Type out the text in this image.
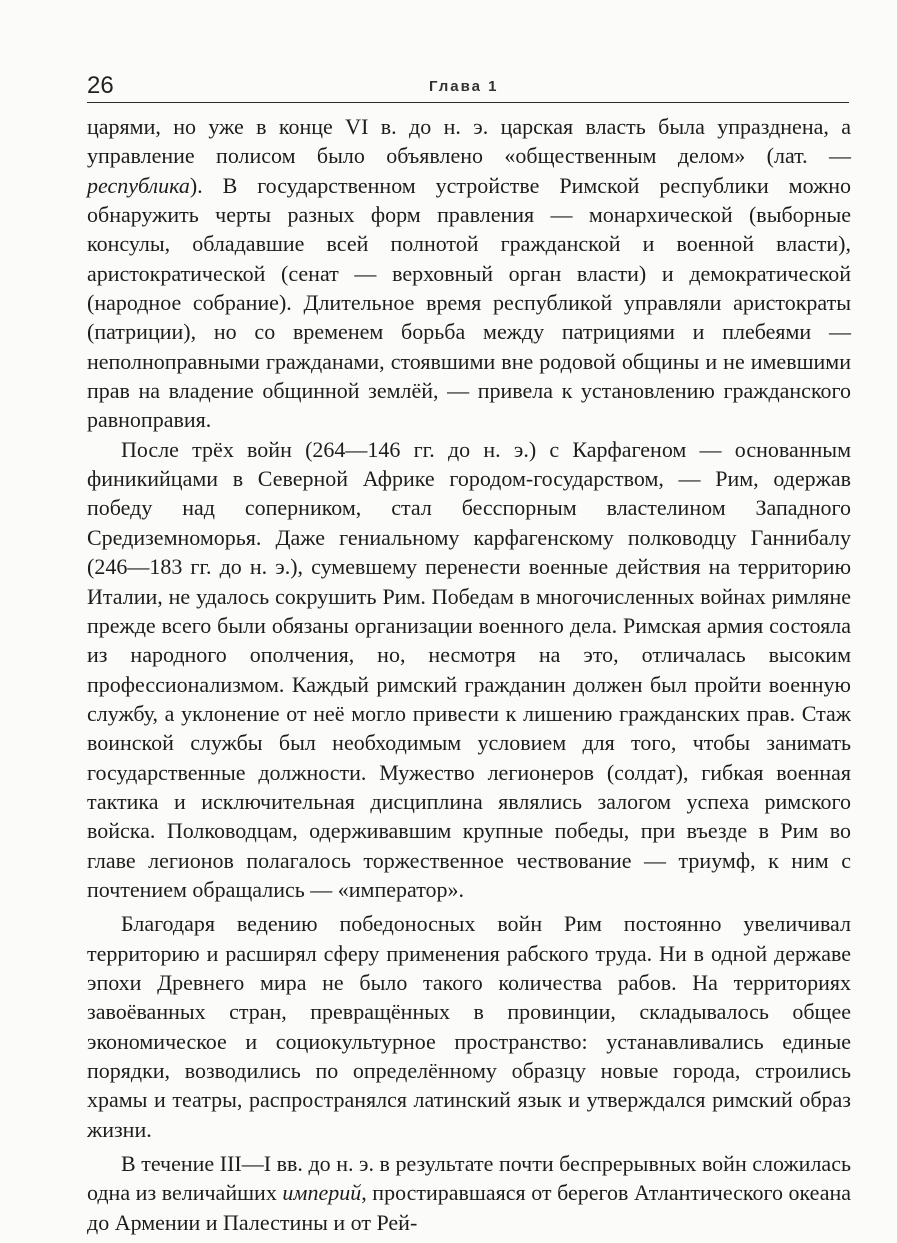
26	Глава 1

царями, но уже в конце VI в. до н. э. царская власть была упразднена, а управление полисом было объявлено «общественным делом» (лат. — республика). В государственном устройстве Римской республики можно обнаружить черты разных форм правления — монархической (выборные консулы, обладавшие всей полнотой гражданской и военной власти), аристократической (сенат — верховный орган власти) и демократической (народное собрание). Длительное время республикой управляли аристократы (патриции), но со временем борьба между патрициями и плебеями — неполноправными гражданами, стоявшими вне родовой общины и не имевшими прав на владение общинной землёй, — привела к установлению гражданского равноправия.

После трёх войн (264—146 гг. до н. э.) с Карфагеном — основанным финикийцами в Северной Африке городом-государством, — Рим, одержав победу над соперником, стал бесспорным властелином Западного Средиземноморья. Даже гениальному карфагенскому полководцу Ганнибалу (246—183 гг. до н. э.), сумевшему перенести военные действия на территорию Италии, не удалось сокрушить Рим. Победам в многочисленных войнах римляне прежде всего были обязаны организации военного дела. Римская армия состояла из народного ополчения, но, несмотря на это, отличалась высоким профессионализмом. Каждый римский гражданин должен был пройти военную службу, а уклонение от неё могло привести к лишению гражданских прав. Стаж воинской службы был необходимым условием для того, чтобы занимать государственные должности. Мужество легионеров (солдат), гибкая военная тактика и исключительная дисциплина являлись залогом успеха римского войска. Полководцам, одерживавшим крупные победы, при въезде в Рим во главе легионов полагалось торжественное чествование — триумф, к ним с почтением обращались — «император».

Благодаря ведению победоносных войн Рим постоянно увеличивал территорию и расширял сферу применения рабского труда. Ни в одной державе эпохи Древнего мира не было такого количества рабов. На территориях завоёванных стран, превращённых в провинции, складывалось общее экономическое и социокультурное пространство: устанавливались единые порядки, возводились по определённому образцу новые города, строились храмы и театры, распространялся латинский язык и утверждался римский образ жизни.

В течение III—I вв. до н. э. в результате почти беспрерывных войн сложилась одна из величайших империй, простиравшаяся от берегов Атлантического океана до Армении и Палестины и от Рей-
